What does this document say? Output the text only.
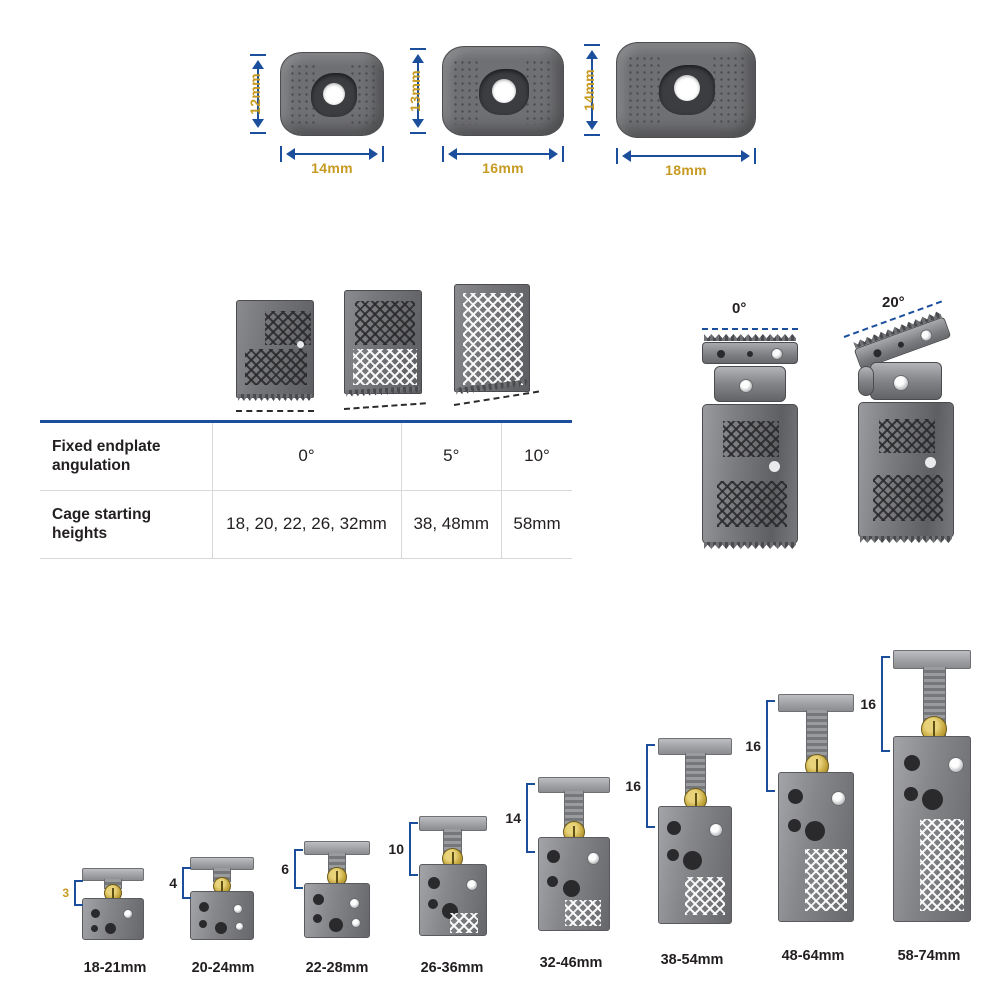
12mm
14mm
13mm
16mm
14mm
18mm
Fixed endplate angulation	0°	5°	10°
Cage starting heights	18, 20, 22, 26, 32mm	38, 48mm	58mm
0°	20°
3
18-21mm
4
20-24mm
6
22-28mm
10
26-36mm
14
32-46mm
16
38-54mm
16
48-64mm
16
58-74mm
